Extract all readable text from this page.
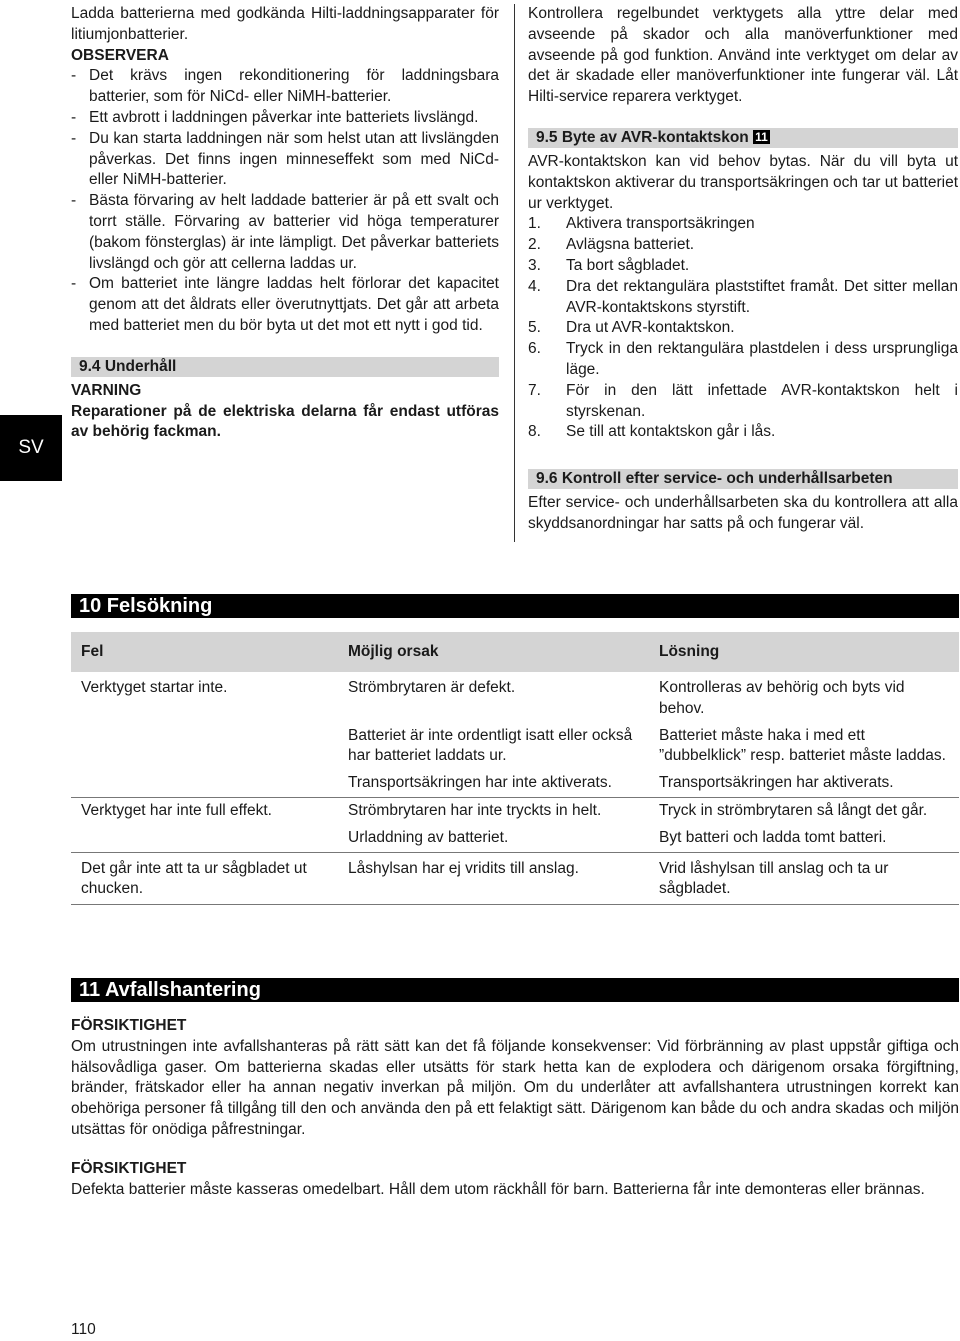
SV

Ladda batterierna med godkända Hilti-laddningsapparater för litiumjonbatterier.

OBSERVERA

- Det krävs ingen rekonditionering för laddningsbara batterier, som för NiCd- eller NiMH-batterier.

- Ett avbrott i laddningen påverkar inte batteriets livslängd.

- Du kan starta laddningen när som helst utan att livslängden påverkas. Det finns ingen minneseffekt som med NiCd- eller NiMH-batterier.

- Bästa förvaring av helt laddade batterier är på ett svalt och torrt ställe. Förvaring av batterier vid höga temperaturer (bakom fönsterglas) är inte lämpligt. Det påverkar batteriets livslängd och gör att cellerna laddas ur.

- Om batteriet inte längre laddas helt förlorar det kapacitet genom att det åldrats eller överutnyttjats. Det går att arbeta med batteriet men du bör byta ut det mot ett nytt i god tid.

9.4 Underhåll

VARNING

Reparationer på de elektriska delarna får endast utföras av behörig fackman.

Kontrollera regelbundet verktygets alla yttre delar med avseende på skador och alla manöverfunktioner med avseende på god funktion. Använd inte verktyget om delar av det är skadade eller manöverfunktioner inte fungerar väl. Låt Hilti-service reparera verktyget.

9.5 Byte av AVR-kontaktskon 11

AVR-kontaktskon kan vid behov bytas. När du vill byta ut kontaktskon aktiverar du transportsäkringen och tar ut batteriet ur verktyget.

1. Aktivera transportsäkringen
2. Avlägsna batteriet.
3. Ta bort sågbladet.
4. Dra det rektangulära plaststiftet framåt. Det sitter mellan AVR-kontaktskons styrstift.
5. Dra ut AVR-kontaktskon.
6. Tryck in den rektangulära plastdelen i dess ursprungliga läge.
7. För in den lätt infettade AVR-kontaktskon helt i styrskenan.
8. Se till att kontaktskon går i lås.

9.6 Kontroll efter service- och underhållsarbeten

Efter service- och underhållsarbeten ska du kontrollera att alla skyddsanordningar har satts på och fungerar väl.

10 Felsökning
Fel	Möjlig orsak	Lösning
Verktyget startar inte.	Strömbrytaren är defekt.	Kontrolleras av behörig och byts vid behov.
	Batteriet är inte ordentligt isatt eller också har batteriet laddats ur.	Batteriet måste haka i med ett ”dubbelklick” resp. batteriet måste laddas.
	Transportsäkringen har inte aktiverats.	Transportsäkringen har aktiverats.
Verktyget har inte full effekt.	Strömbrytaren har inte tryckts in helt.	Tryck in strömbrytaren så långt det går.
	Urladdning av batteriet.	Byt batteri och ladda tomt batteri.
Det går inte att ta ur sågbladet ut chucken.	Låshylsan har ej vridits till anslag.	Vrid låshylsan till anslag och ta ur sågbladet.
11 Avfallshantering

FÖRSIKTIGHET

Om utrustningen inte avfallshanteras på rätt sätt kan det få följande konsekvenser: Vid förbränning av plast uppstår giftiga och hälsovådliga gaser. Om batterierna skadas eller utsätts för stark hetta kan de explodera och därigenom orsaka förgiftning, bränder, frätskador eller ha annan negativ inverkan på miljön. Om du underlåter att avfallshantera utrustningen korrekt kan obehöriga personer få tillgång till den och använda den på ett felaktigt sätt. Därigenom kan både du och andra skadas och miljön utsättas för onödiga påfrestningar.

FÖRSIKTIGHET

Defekta batterier måste kasseras omedelbart. Håll dem utom räckhåll för barn. Batterierna får inte demonteras eller brännas.

110
